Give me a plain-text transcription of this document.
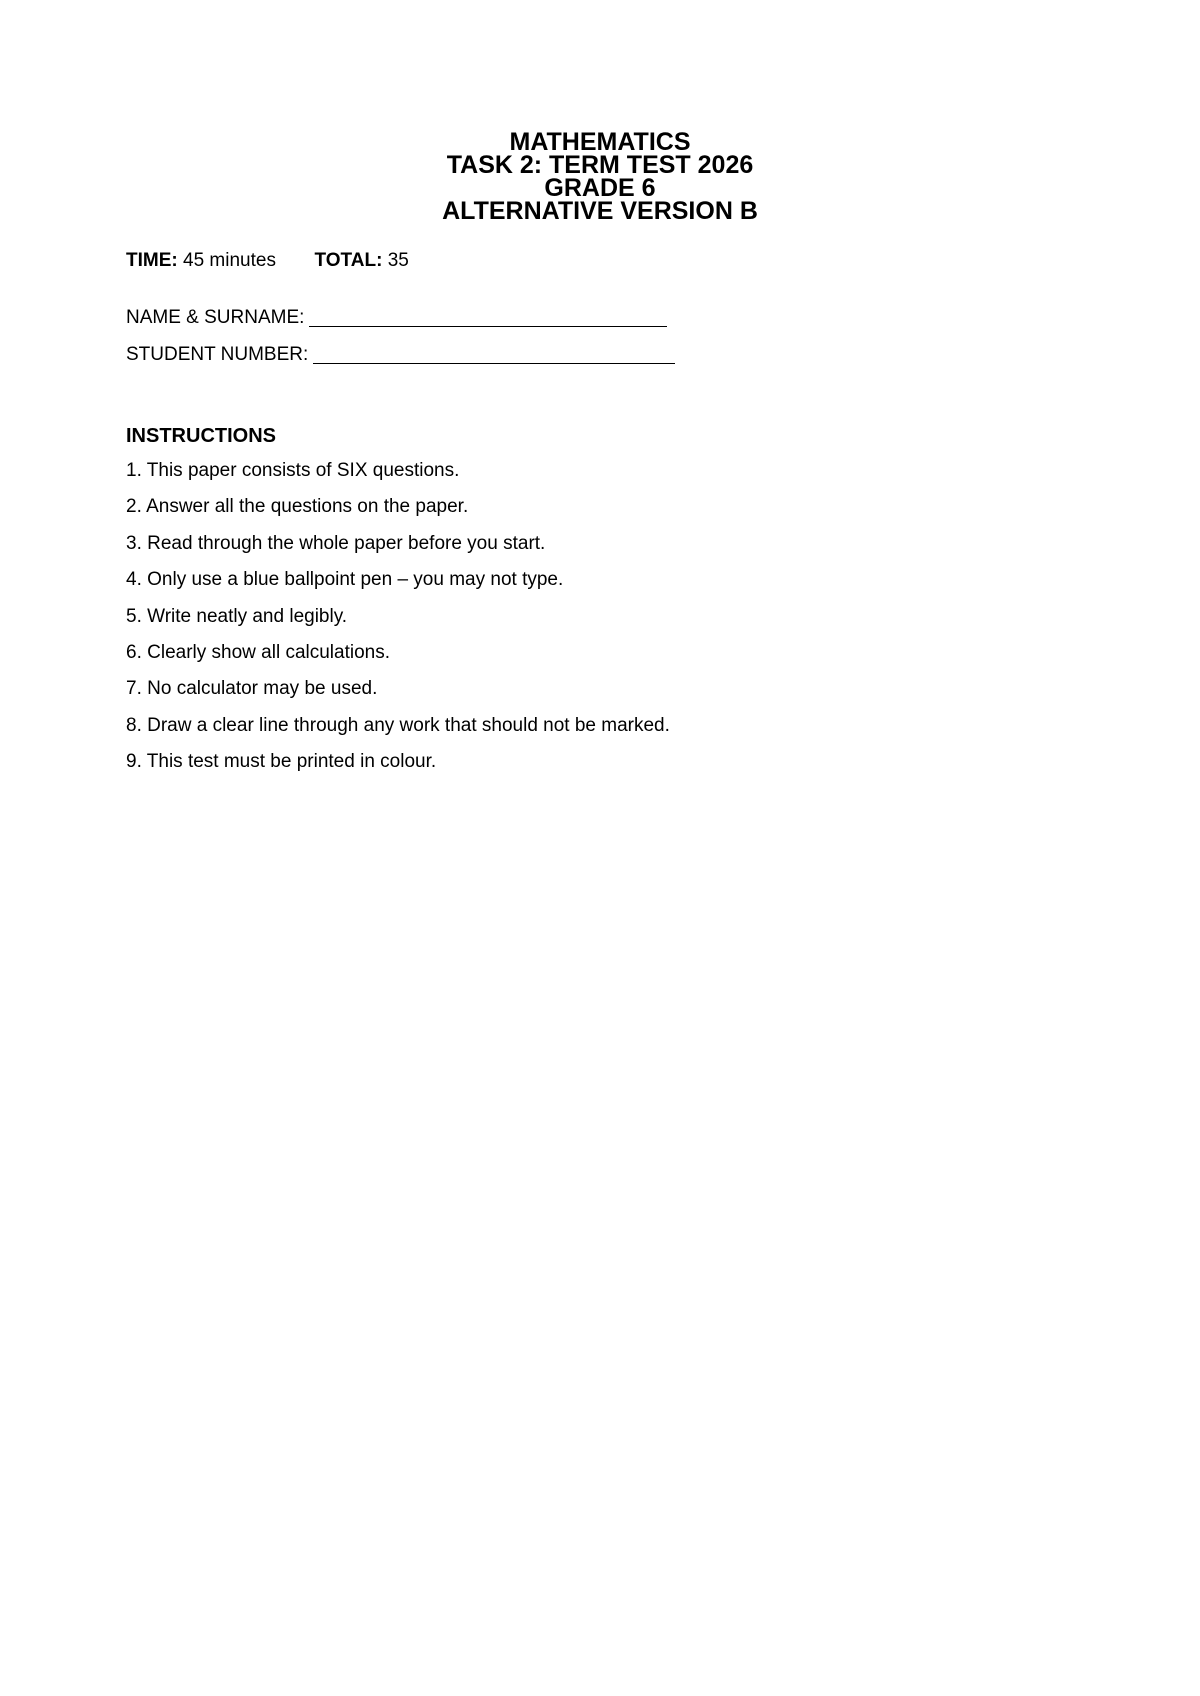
MATHEMATICS

TASK 2: TERM TEST 2026

GRADE 6

ALTERNATIVE VERSION B

TIME: 45 minutes TOTAL: 35
NAME & SURNAME:
STUDENT NUMBER:

INSTRUCTIONS

1. This paper consists of SIX questions.
2. Answer all the questions on the paper.
3. Read through the whole paper before you start.
4. Only use a blue ballpoint pen – you may not type.
5. Write neatly and legibly.
6. Clearly show all calculations.
7. No calculator may be used.
8. Draw a clear line through any work that should not be marked.
9. This test must be printed in colour.
